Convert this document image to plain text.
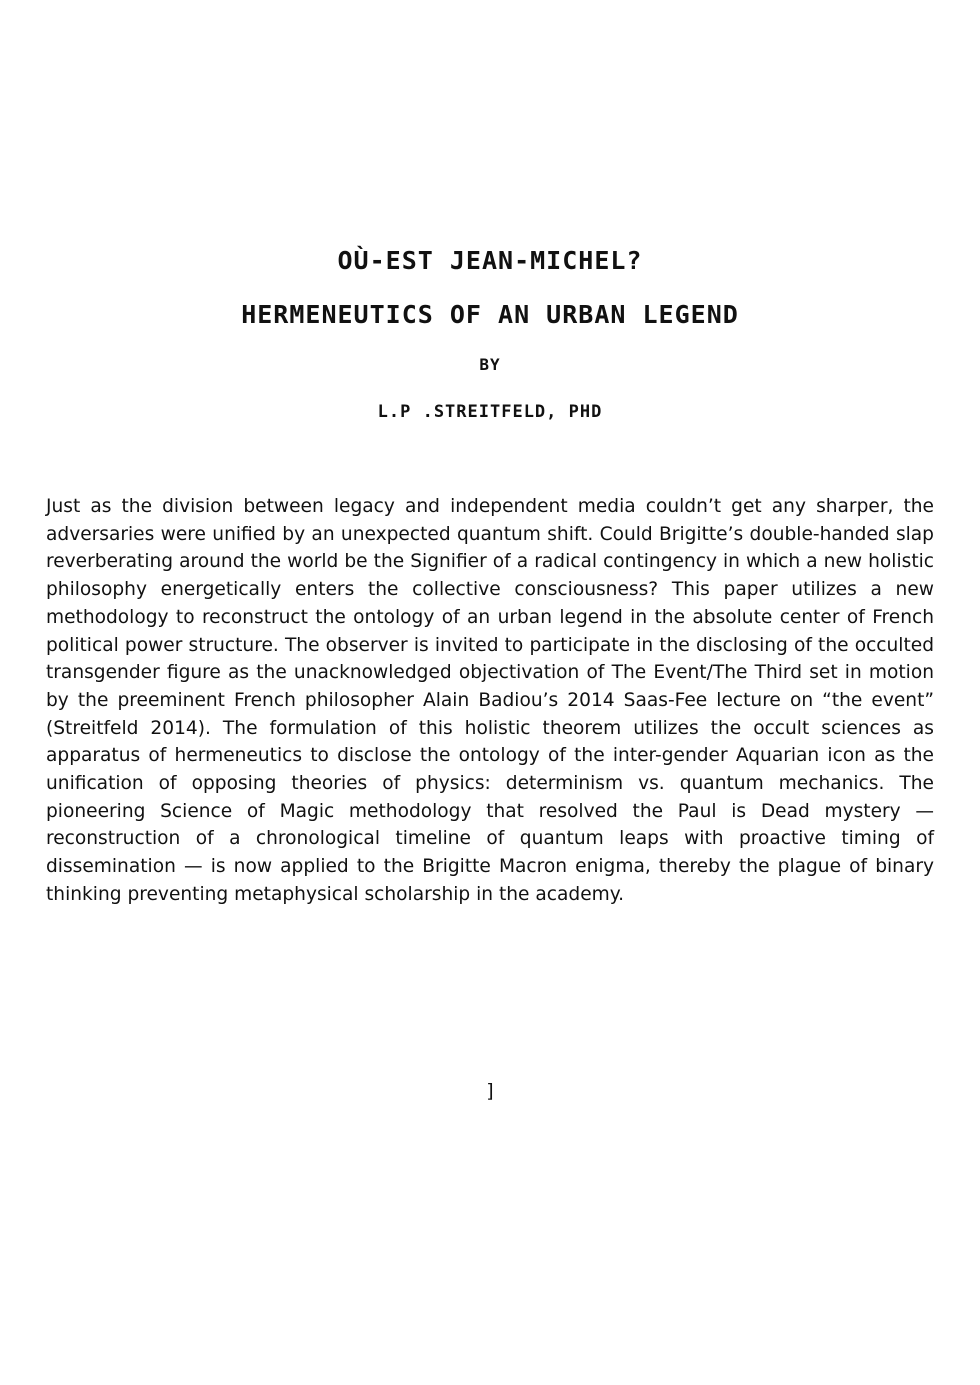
OÙ-EST JEAN-MICHEL?
HERMENEUTICS OF AN URBAN LEGEND
BY
L.P .STREITFELD, PHD

Just as the division between legacy and independent media couldn’t get any sharper, the adversaries were unified by an unexpected quantum shift. Could Brigitte’s double-handed slap reverberating around the world be the Signifier of a radical contingency in which a new holistic philosophy energetically enters the collective consciousness? This paper utilizes a new methodology to reconstruct the ontology of an urban legend in the absolute center of French political power structure. The observer is invited to participate in the disclosing of the occulted transgender figure as the unacknowledged objectivation of The Event/The Third set in motion by the preeminent French philosopher Alain Badiou’s 2014 Saas-Fee lecture on “the event” (Streitfeld 2014). The formulation of this holistic theorem utilizes the occult sciences as apparatus of hermeneutics to disclose the ontology of the inter-gender Aquarian icon as the unification of opposing theories of physics: determinism vs. quantum mechanics. The pioneering Science of Magic methodology that resolved the Paul is Dead mystery — reconstruction of a chronological timeline of quantum leaps with proactive timing of dissemination — is now applied to the Brigitte Macron enigma, thereby the plague of binary thinking preventing metaphysical scholarship in the academy.

]
